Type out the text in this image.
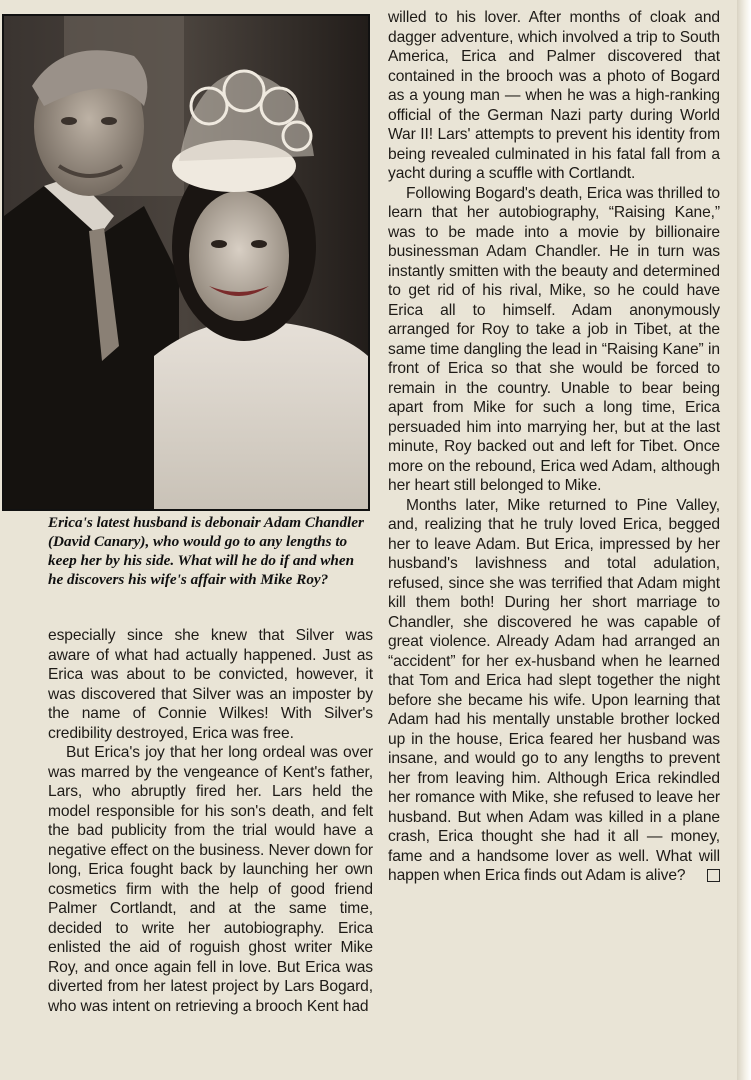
Erica's latest husband is debonair Adam Chandler (David Canary), who would go to any lengths to keep her by his side. What will he do if and when he discovers his wife's affair with Mike Roy?

especially since she knew that Silver was aware of what had actually happened. Just as Erica was about to be convicted, however, it was discovered that Silver was an imposter by the name of Connie Wilkes! With Silver's credibility destroyed, Erica was free.

But Erica's joy that her long ordeal was over was marred by the vengeance of Kent's father, Lars, who abruptly fired her. Lars held the model responsible for his son's death, and felt the bad publicity from the trial would have a negative effect on the business. Never down for long, Erica fought back by launching her own cosmetics firm with the help of good friend Palmer Cortlandt, and at the same time, decided to write her autobiography. Erica enlisted the aid of roguish ghost writer Mike Roy, and once again fell in love. But Erica was diverted from her latest project by Lars Bogard, who was intent on retrieving a brooch Kent had

willed to his lover. After months of cloak and dagger adventure, which involved a trip to South America, Erica and Palmer discovered that contained in the brooch was a photo of Bogard as a young man — when he was a high-ranking official of the German Nazi party during World War II! Lars' attempts to prevent his identity from being revealed culminated in his fatal fall from a yacht during a scuffle with Cortlandt.

Following Bogard's death, Erica was thrilled to learn that her autobiography, “Raising Kane,” was to be made into a movie by billionaire businessman Adam Chandler. He in turn was instantly smitten with the beauty and determined to get rid of his rival, Mike, so he could have Erica all to himself. Adam anonymously arranged for Roy to take a job in Tibet, at the same time dangling the lead in “Raising Kane” in front of Erica so that she would be forced to remain in the country. Unable to bear being apart from Mike for such a long time, Erica persuaded him into marrying her, but at the last minute, Roy backed out and left for Tibet. Once more on the rebound, Erica wed Adam, although her heart still belonged to Mike.

Months later, Mike returned to Pine Valley, and, realizing that he truly loved Erica, begged her to leave Adam. But Erica, impressed by her husband's lavishness and total adulation, refused, since she was terrified that Adam might kill them both! During her short marriage to Chandler, she discovered he was capable of great violence. Already Adam had arranged an “accident” for her ex-husband when he learned that Tom and Erica had slept together the night before she became his wife. Upon learning that Adam had his mentally unstable brother locked up in the house, Erica feared her husband was insane, and would go to any lengths to prevent her from leaving him. Although Erica rekindled her romance with Mike, she refused to leave her husband. But when Adam was killed in a plane crash, Erica thought she had it all — money, fame and a handsome lover as well. What will happen when Erica finds out Adam is alive?
